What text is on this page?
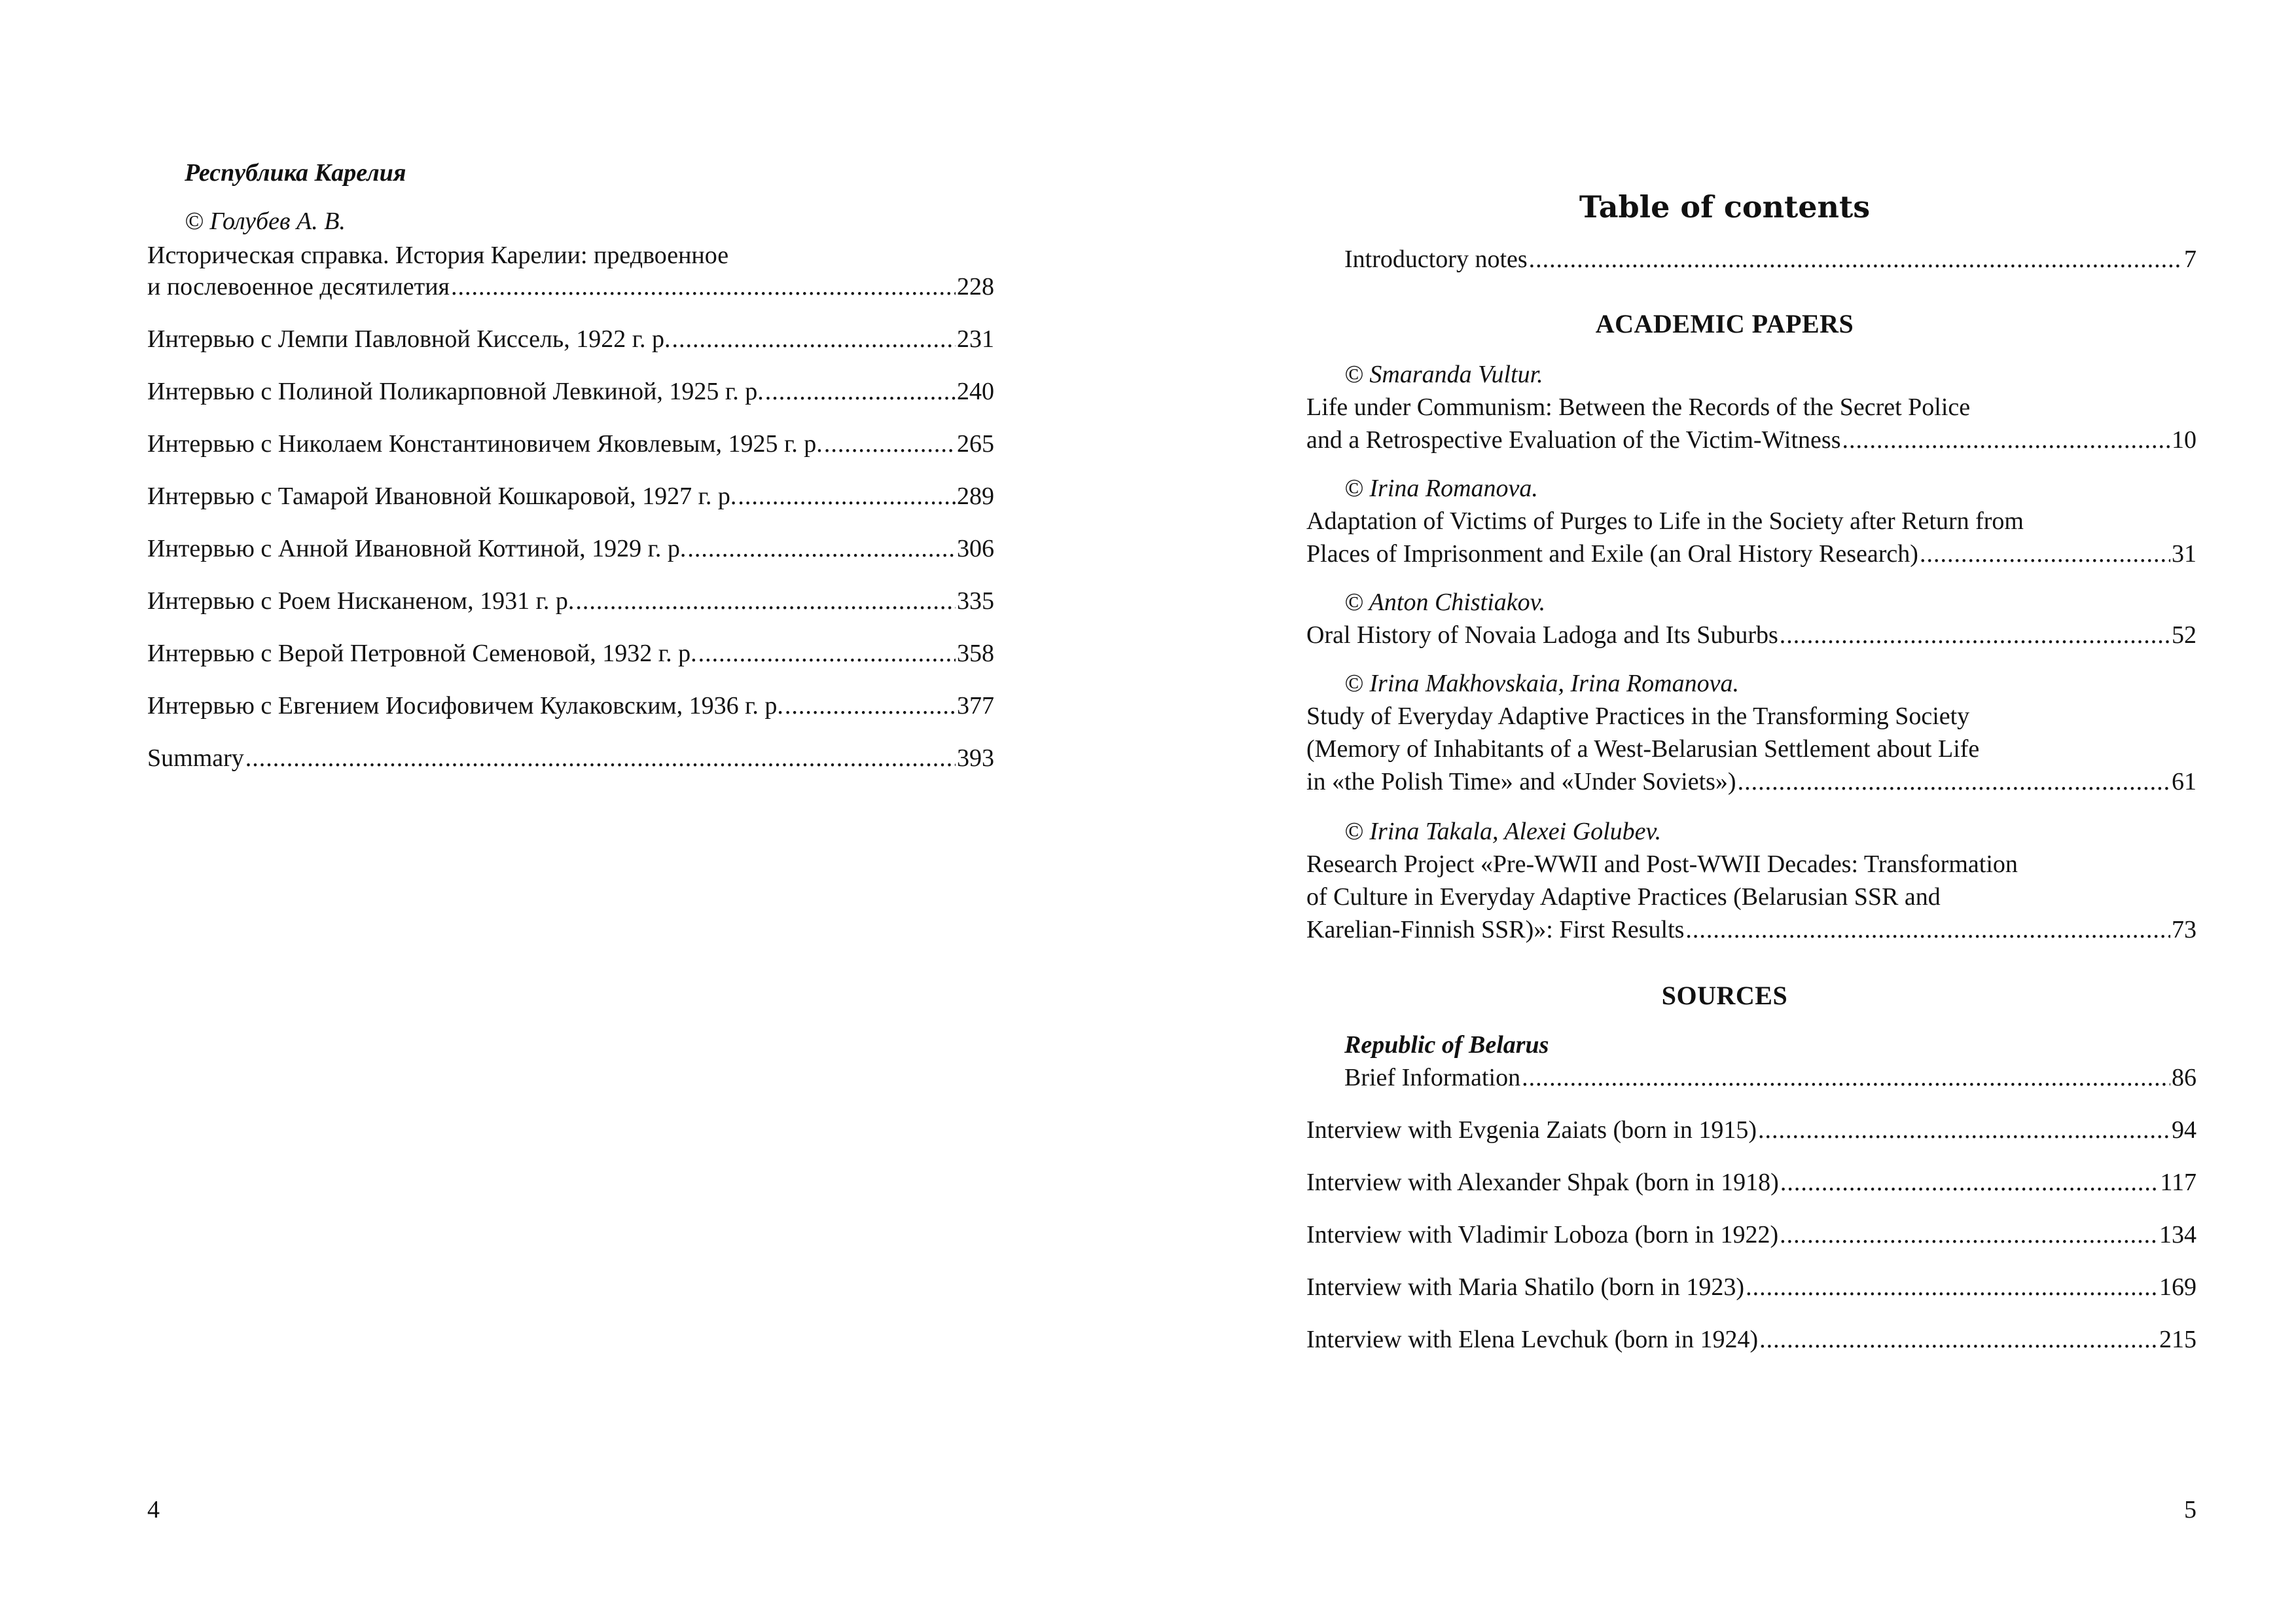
Республика Карелия
© Голубев А. В.
Историческая справка. История Карелии: предвоенное
и послевоенное десятилетия .....	228
Интервью с Лемпи Павловной Киссель, 1922 г. р. .....	231
Интервью с Полиной Поликарповной Левкиной, 1925 г. р. .....	240
Интервью с Николаем Константиновичем Яковлевым, 1925 г. р. .....	265
Интервью с Тамарой Ивановной Кошкаровой, 1927 г. р. .....	289
Интервью с Анной Ивановной Коттиной, 1929 г. р. .....	306
Интервью с Роем Нисканеном, 1931 г. р. .....	335
Интервью с Верой Петровной Семеновой, 1932 г. р. .....	358
Интервью с Евгением Иосифовичем Кулаковским, 1936 г. р. .....	377
Summary .....	393
4
Table of contents
Introductory notes .....	7
ACADEMIC PAPERS
© Smaranda Vultur.
Life under Communism: Between the Records of the Secret Police
and a Retrospective Evaluation of the Victim-Witness .....	10
© Irina Romanova.
Adaptation of Victims of Purges to Life in the Society after Return from
Places of Imprisonment and Exile (an Oral History Research) .....	31
© Anton Chistiakov.
Oral History of Novaia Ladoga and Its Suburbs .....	52
© Irina Makhovskaia, Irina Romanova.
Study of Everyday Adaptive Practices in the Transforming Society
(Memory of Inhabitants of a West-Belarusian Settlement about Life
in «the Polish Time» and «Under Soviets») .....	61
© Irina Takala, Alexei Golubev.
Research Project «Pre-WWII and Post-WWII Decades: Transformation
of Culture in Everyday Adaptive Practices (Belarusian SSR and
Karelian-Finnish SSR)»: First Results .....	73
SOURCES
Republic of Belarus
Brief Information .....	86
Interview with Evgenia Zaiats (born in 1915) .....	94
Interview with Alexander Shpak (born in 1918) .....	117
Interview with Vladimir Loboza (born in 1922) .....	134
Interview with Maria Shatilo (born in 1923) .....	169
Interview with Elena Levchuk (born in 1924) .....	215
5
